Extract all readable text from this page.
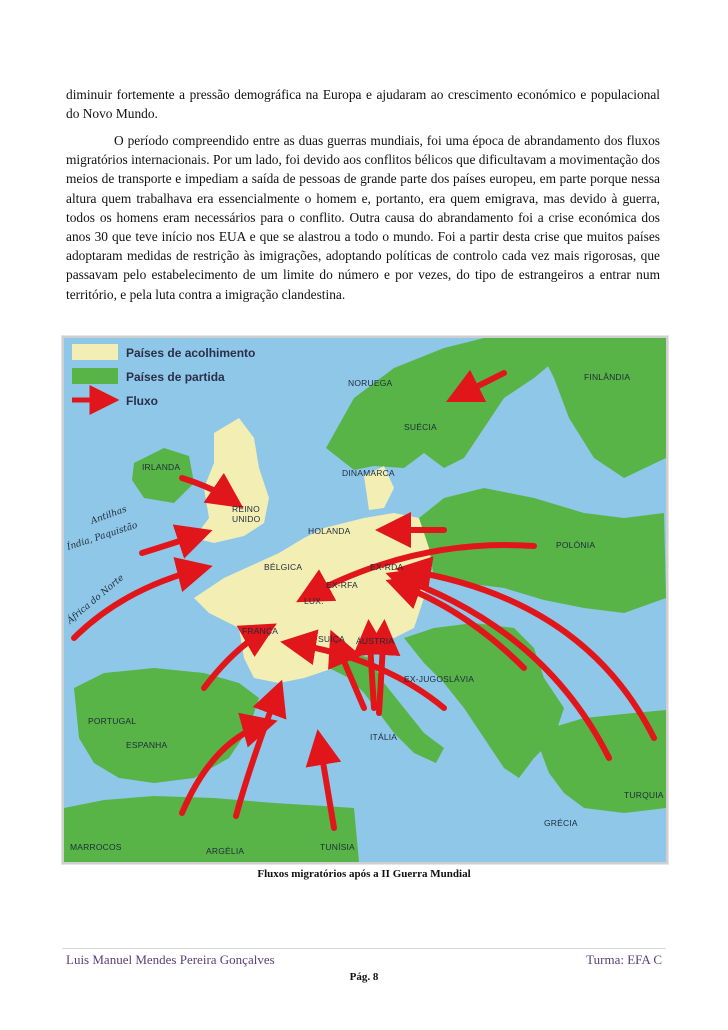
diminuir fortemente a pressão demográfica na Europa e ajudaram ao crescimento económico e populacional do Novo Mundo.
O período compreendido entre as duas guerras mundiais, foi uma época de abrandamento dos fluxos migratórios internacionais. Por um lado, foi devido aos conflitos bélicos que dificultavam a movimentação dos meios de transporte e impediam a saída de pessoas de grande parte dos países europeu, em parte porque nessa altura quem trabalhava era essencialmente o homem e, portanto, era quem emigrava, mas devido à guerra, todos os homens eram necessários para o conflito. Outra causa do abrandamento foi a crise económica dos anos 30 que teve início nos EUA e que se alastrou a todo o mundo. Foi a partir desta crise que muitos países adoptaram medidas de restrição às imigrações, adoptando políticas de controlo cada vez mais rigorosas, que passavam pelo estabelecimento de um limite do número e por vezes, do tipo de estrangeiros a entrar num território, e pela luta contra a imigração clandestina.
Países de acolhimento
Países de partida
Fluxo
NORUEGA
FINLÂNDIA
SUÉCIA
IRLANDA
DINAMARCA
REINO
UNIDO
HOLANDA
POLÓNIA
BÉLGICA	EX-RDA
EX-RFA
LUX.
FRANÇA
SUÍÇA ÁUSTRIA
EX-JUGOSLÁVIA
PORTUGAL
ESPANHA
ITÁLIA
TURQUIA
GRÉCIA
MARROCOS	ARGÉLIA	TUNÍSIA
Antilhas
Índia, Paquistão
África do Norte
Fluxos migratórios após a II Guerra Mundial
Luis Manuel Mendes Pereira Gonçalves	Turma: EFA C
Pág. 8
